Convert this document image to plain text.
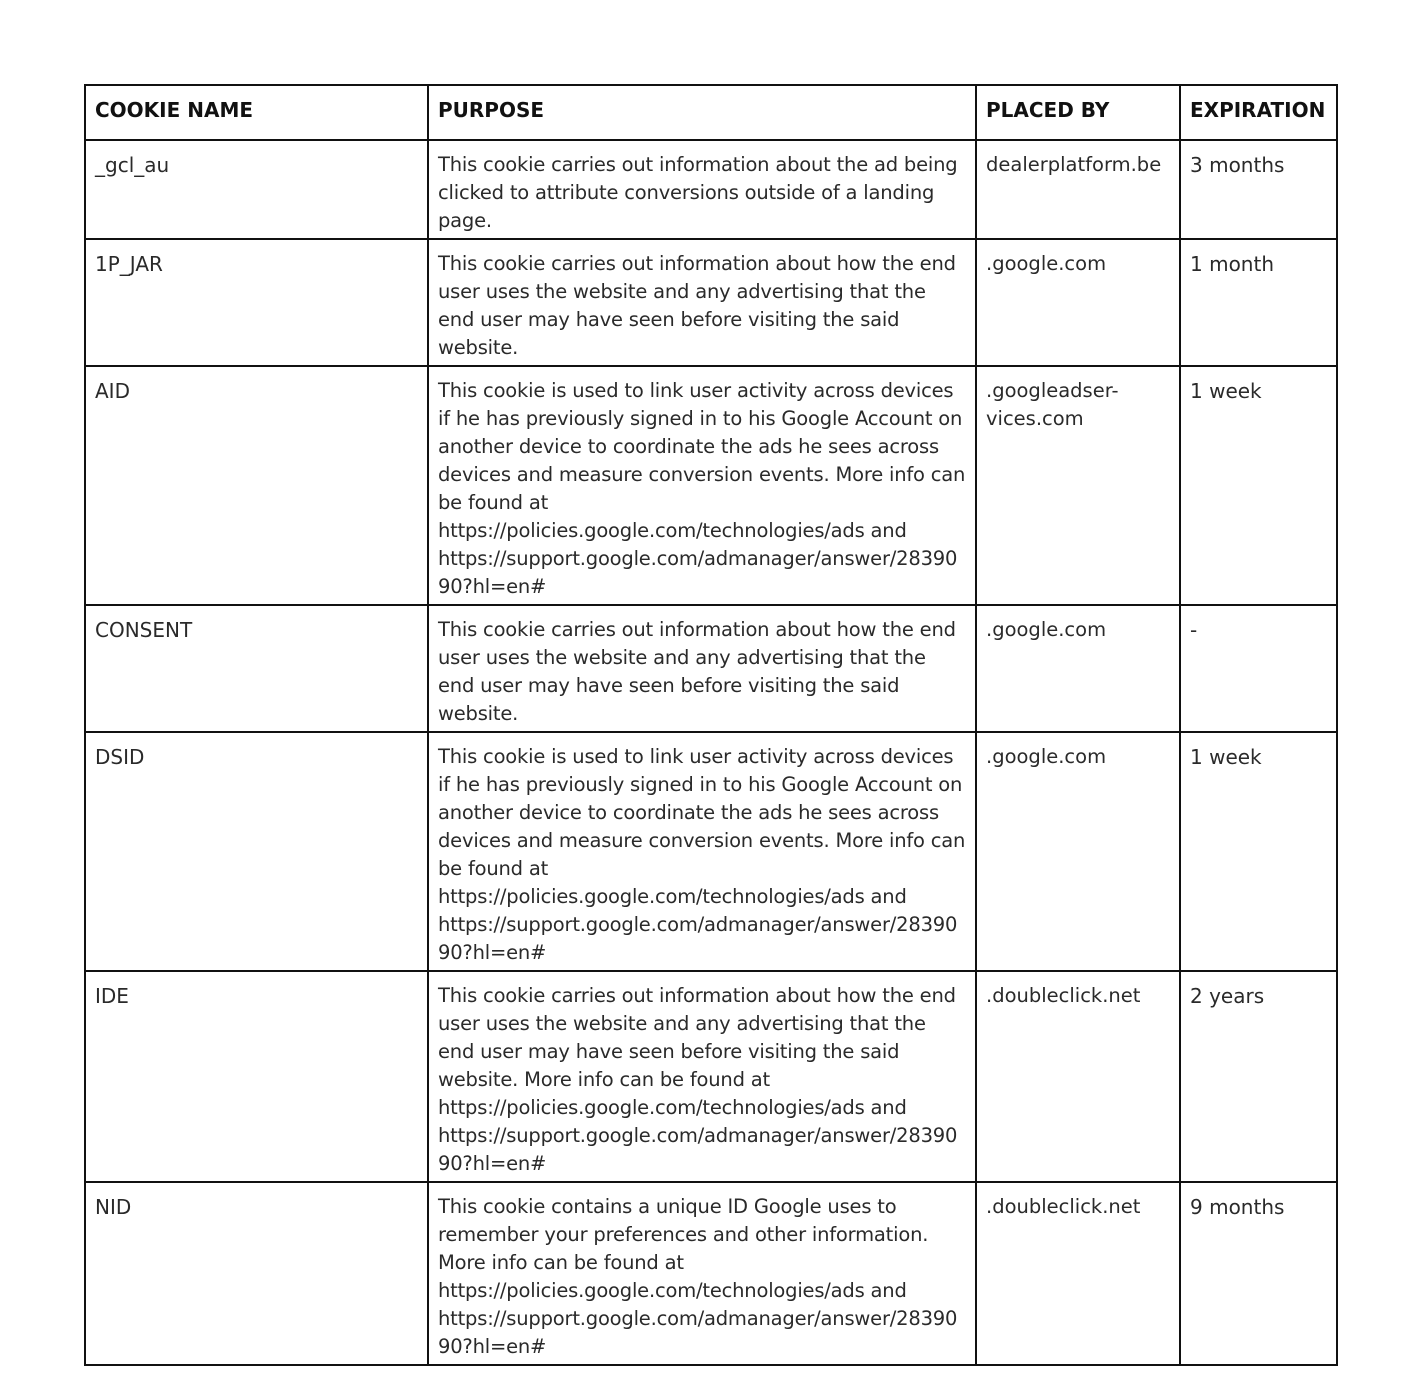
COOKIE NAME	PURPOSE	PLACED BY	EXPIRATION
_gcl_au	This cookie carries out information about the ad being clicked to attribute conversions outside of a landing page.	dealerplatform.be	3 months
1P_JAR	This cookie carries out information about how the end user uses the website and any advertising that the end user may have seen before visiting the said website.	.google.com	1 month
AID	This cookie is used to link user activity across devices if he has previously signed in to his Google Account on another device to coordinate the ads he sees across devices and measure conversion events. More info can be found at https://policies.google.com/technologies/ads and https://support.google.com/admanager/answer/2839090?hl=en#	.googleadser-vices.com	1 week
CONSENT	This cookie carries out information about how the end user uses the website and any advertising that the end user may have seen before visiting the said website.	.google.com	-
DSID	This cookie is used to link user activity across devices if he has previously signed in to his Google Account on another device to coordinate the ads he sees across devices and measure conversion events. More info can be found at https://policies.google.com/technologies/ads and https://support.google.com/admanager/answer/2839090?hl=en#	.google.com	1 week
IDE	This cookie carries out information about how the end user uses the website and any advertising that the end user may have seen before visiting the said website. More info can be found at https://policies.google.com/technologies/ads and https://support.google.com/admanager/answer/2839090?hl=en#	.doubleclick.net	2 years
NID	This cookie contains a unique ID Google uses to remember your preferences and other information. More info can be found at https://policies.google.com/technologies/ads and https://support.google.com/admanager/answer/2839090?hl=en#	.doubleclick.net	9 months
